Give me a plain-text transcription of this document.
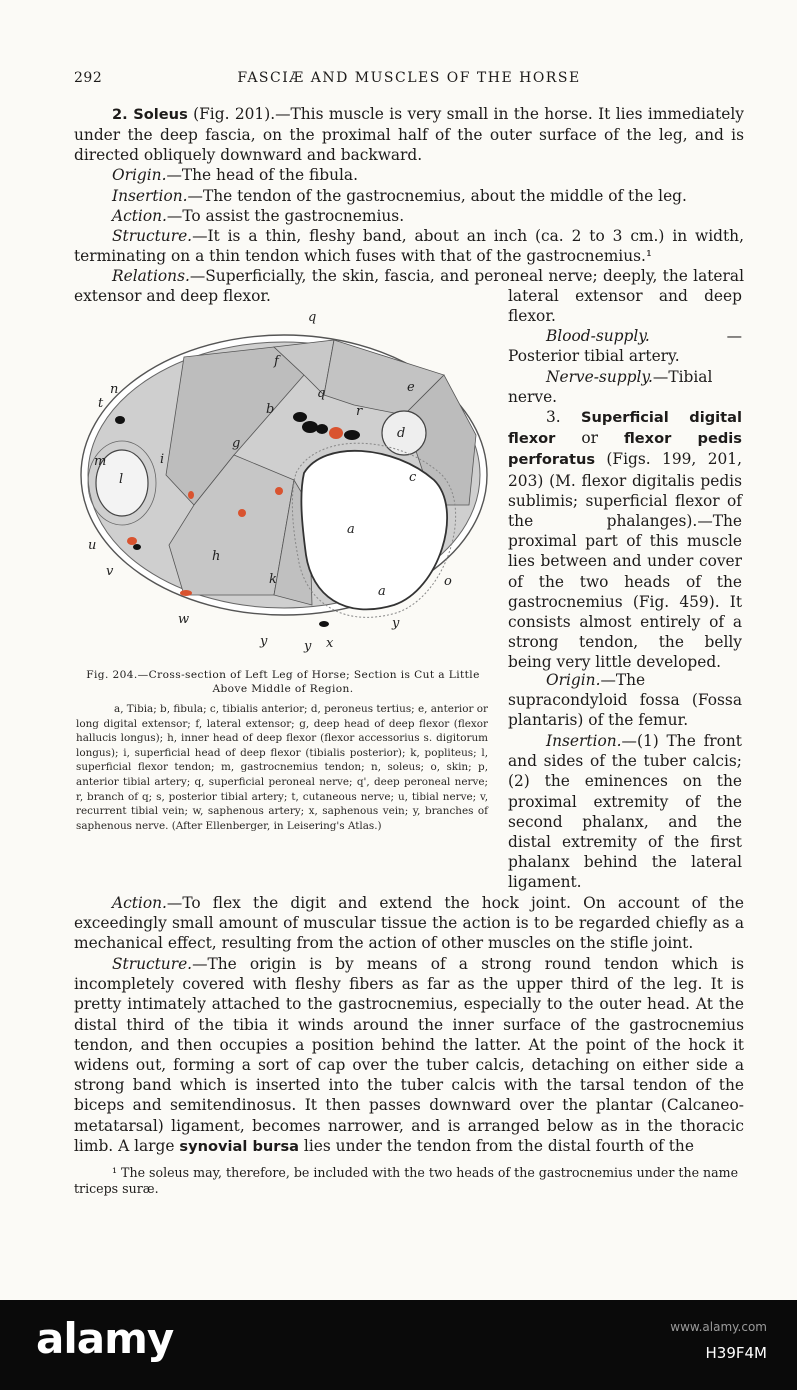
292	FASCIÆ AND MUSCLES OF THE HORSE

2. Soleus (Fig. 201).—This muscle is very small in the horse. It lies immediately under the deep fascia, on the proximal half of the outer surface of the leg, and is directed obliquely downward and backward.

Origin.—The head of the fibula.

Insertion.—The tendon of the gastrocnemius, about the middle of the leg.

Action.—To assist the gastrocnemius.

Structure.—It is a thin, fleshy band, about an inch (ca. 2 to 3 cm.) in width, terminating on a thin tendon which fuses with that of the gastrocnemius.¹

Relations.—Superficially, the skin, fascia, and peroneal nerve; deeply, the lateral extensor and deep flexor.	lateral extensor and deep

flexor.

Blood-supply. — Posterior tibial artery.

Nerve-supply.—Tibial nerve.

3. Superficial digital flexor or flexor pedis perforatus (Figs. 199, 201, 203) (M. flexor digitalis pedis sublimis; superficial flexor of the phalanges).—The proximal part of this muscle lies between and under cover of the two heads of the gastrocnemius (Fig. 459). It consists almost entirely of a strong tendon, the belly being very little developed.

Origin.—The supracondyloid fossa (Fossa plantaris) of the femur.

Insertion.—(1) The front and sides of the tuber calcis; (2) the eminences on the proximal extremity of the second phalanx, and the distal extremity of the first phalanx behind the lateral ligament.

a
a
b
c
d
e
f
g
h
i
k
l
m
n
o
q
q
r
t
u
v
w
x
y	y
y
Fig. 204.—Cross-section of Left Leg of Horse; Section is Cut a Little Above Middle of Region.
a, Tibia; b, fibula; c, tibialis anterior; d, peroneus tertius; e, anterior or long digital extensor; f, lateral extensor; g, deep head of deep flexor (flexor hallucis longus); h, inner head of deep flexor (flexor accessorius s. digitorum longus); i, superficial head of deep flexor (tibialis posterior); k, popliteus; l, superficial flexor tendon; m, gastrocnemius tendon; n, soleus; o, skin; p, anterior tibial artery; q, superficial peroneal nerve; q', deep peroneal nerve; r, branch of q; s, posterior tibial artery; t, cutaneous nerve; u, tibial nerve; v, recurrent tibial vein; w, saphenous artery; x, saphenous vein; y, branches of saphenous nerve. (After Ellenberger, in Leisering's Atlas.)

Action.—To flex the digit and extend the hock joint. On account of the exceedingly small amount of muscular tissue the action is to be regarded chiefly as a mechanical effect, resulting from the action of other muscles on the stifle joint.

Structure.—The origin is by means of a strong round tendon which is incompletely covered with fleshy fibers as far as the upper third of the leg. It is pretty intimately attached to the gastrocnemius, especially to the outer head. At the distal third of the tibia it winds around the inner surface of the gastrocnemius tendon, and then occupies a position behind the latter. At the point of the hock it widens out, forming a sort of cap over the tuber calcis, detaching on either side a strong band which is inserted into the tuber calcis with the tarsal tendon of the biceps and semitendinosus. It then passes downward over the plantar (Calcaneo-metatarsal) ligament, becomes narrower, and is arranged below as in the thoracic limb. A large synovial bursa lies under the tendon from the distal fourth of the

¹ The soleus may, therefore, be included with the two heads of the gastrocnemius under the name triceps suræ.

alamy	www.alamy.com
H39F4M
